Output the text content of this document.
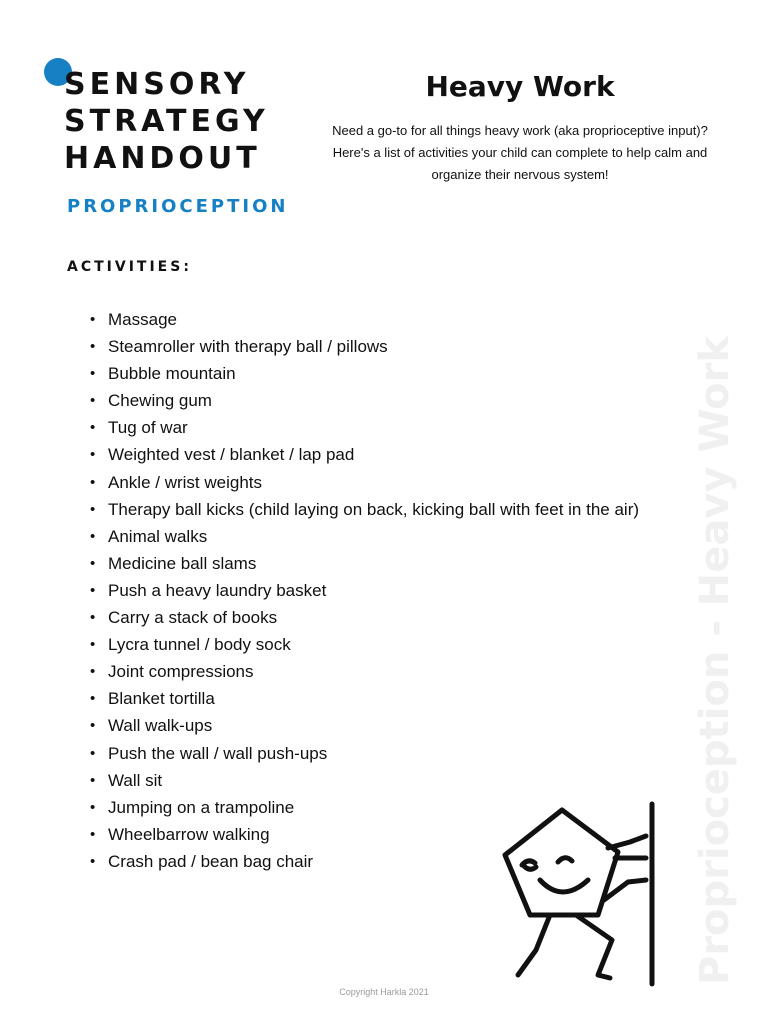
SENSORY
STRATEGY
HANDOUT
PROPRIOCEPTION
Heavy Work

Need a go-to for all things heavy work (aka proprioceptive input)? Here's a list of activities your child can complete to help calm and organize their nervous system!

ACTIVITIES:
• Massage
• Steamroller with therapy ball / pillows
• Bubble mountain
• Chewing gum
• Tug of war
• Weighted vest / blanket / lap pad
• Ankle / wrist weights
• Therapy ball kicks (child laying on back, kicking ball with feet in the air)
• Animal walks
• Medicine ball slams
• Push a heavy laundry basket
• Carry a stack of books
• Lycra tunnel / body sock
• Joint compressions
• Blanket tortilla
• Wall walk-ups
• Push the wall / wall push-ups
• Wall sit
• Jumping on a trampoline
• Wheelbarrow walking
• Crash pad / bean bag chair	Proprioception - Heavy Work
Copyright Harkla 2021
